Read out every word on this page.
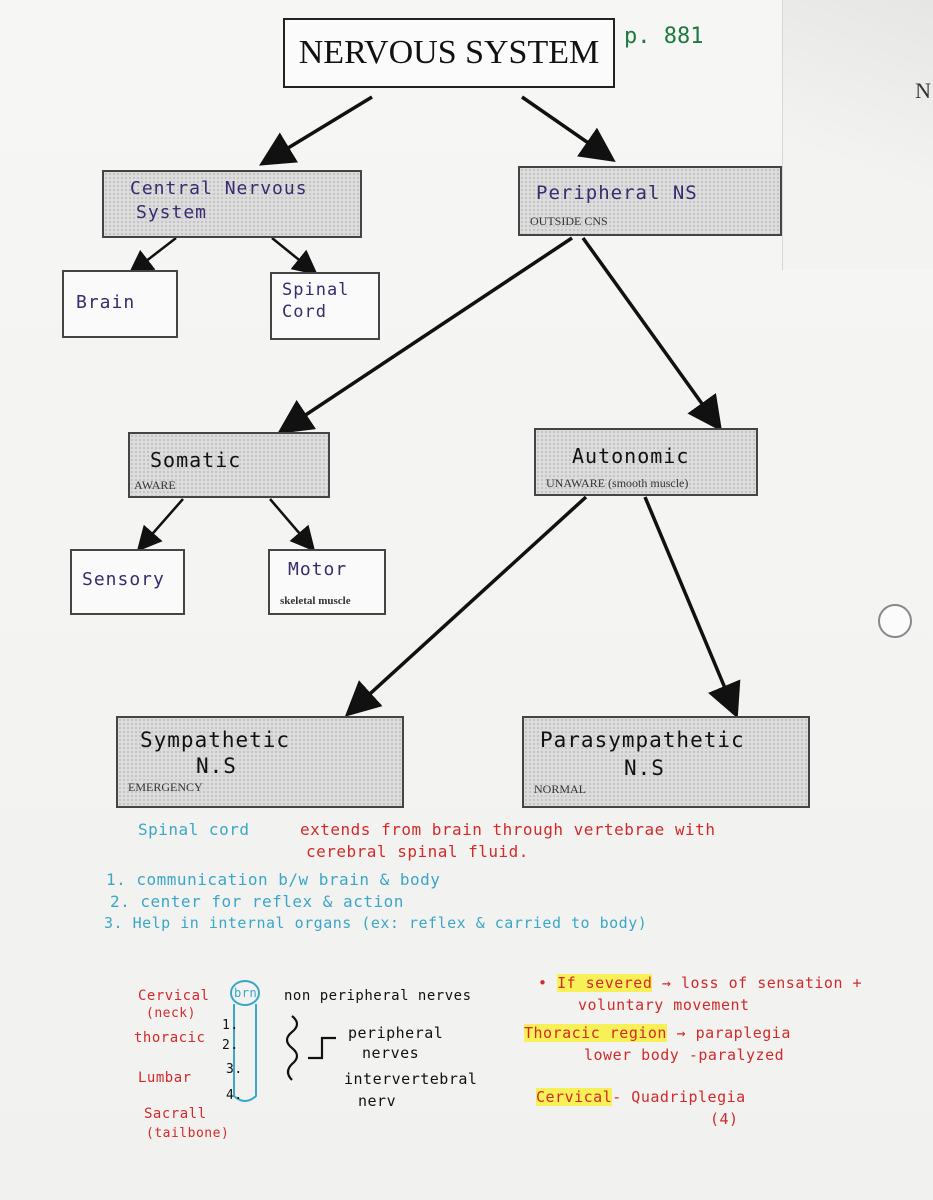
N
NERVOUS SYSTEM p. 881
Central Nervous
System
Peripheral NS
OUTSIDE CNS
Brain
Spinal
Cord
Somatic
AWARE
Autonomic
UNAWARE (smooth muscle)
Sensory	Motor
skeletal muscle
Sympathetic
N.S
EMERGENCY
Parasympathetic
N.S
NORMAL
Spinal cord	extends from brain through vertebrae with
cerebral spinal fluid.
1. communication b/w brain & body
2. center for reflex & action
3. Help in internal organs (ex: reflex & carried to body)
Cervical
(neck)
thoracic
Lumbar
Sacrall
(tailbone)
brn
1.
2.
3.
4.
non peripheral nerves
peripheral
nerves
intervertebral
nerv
• If severed → loss of sensation +
voluntary movement
Thoracic region → paraplegia
lower body -paralyzed
Cervical- Quadriplegia
(4)
